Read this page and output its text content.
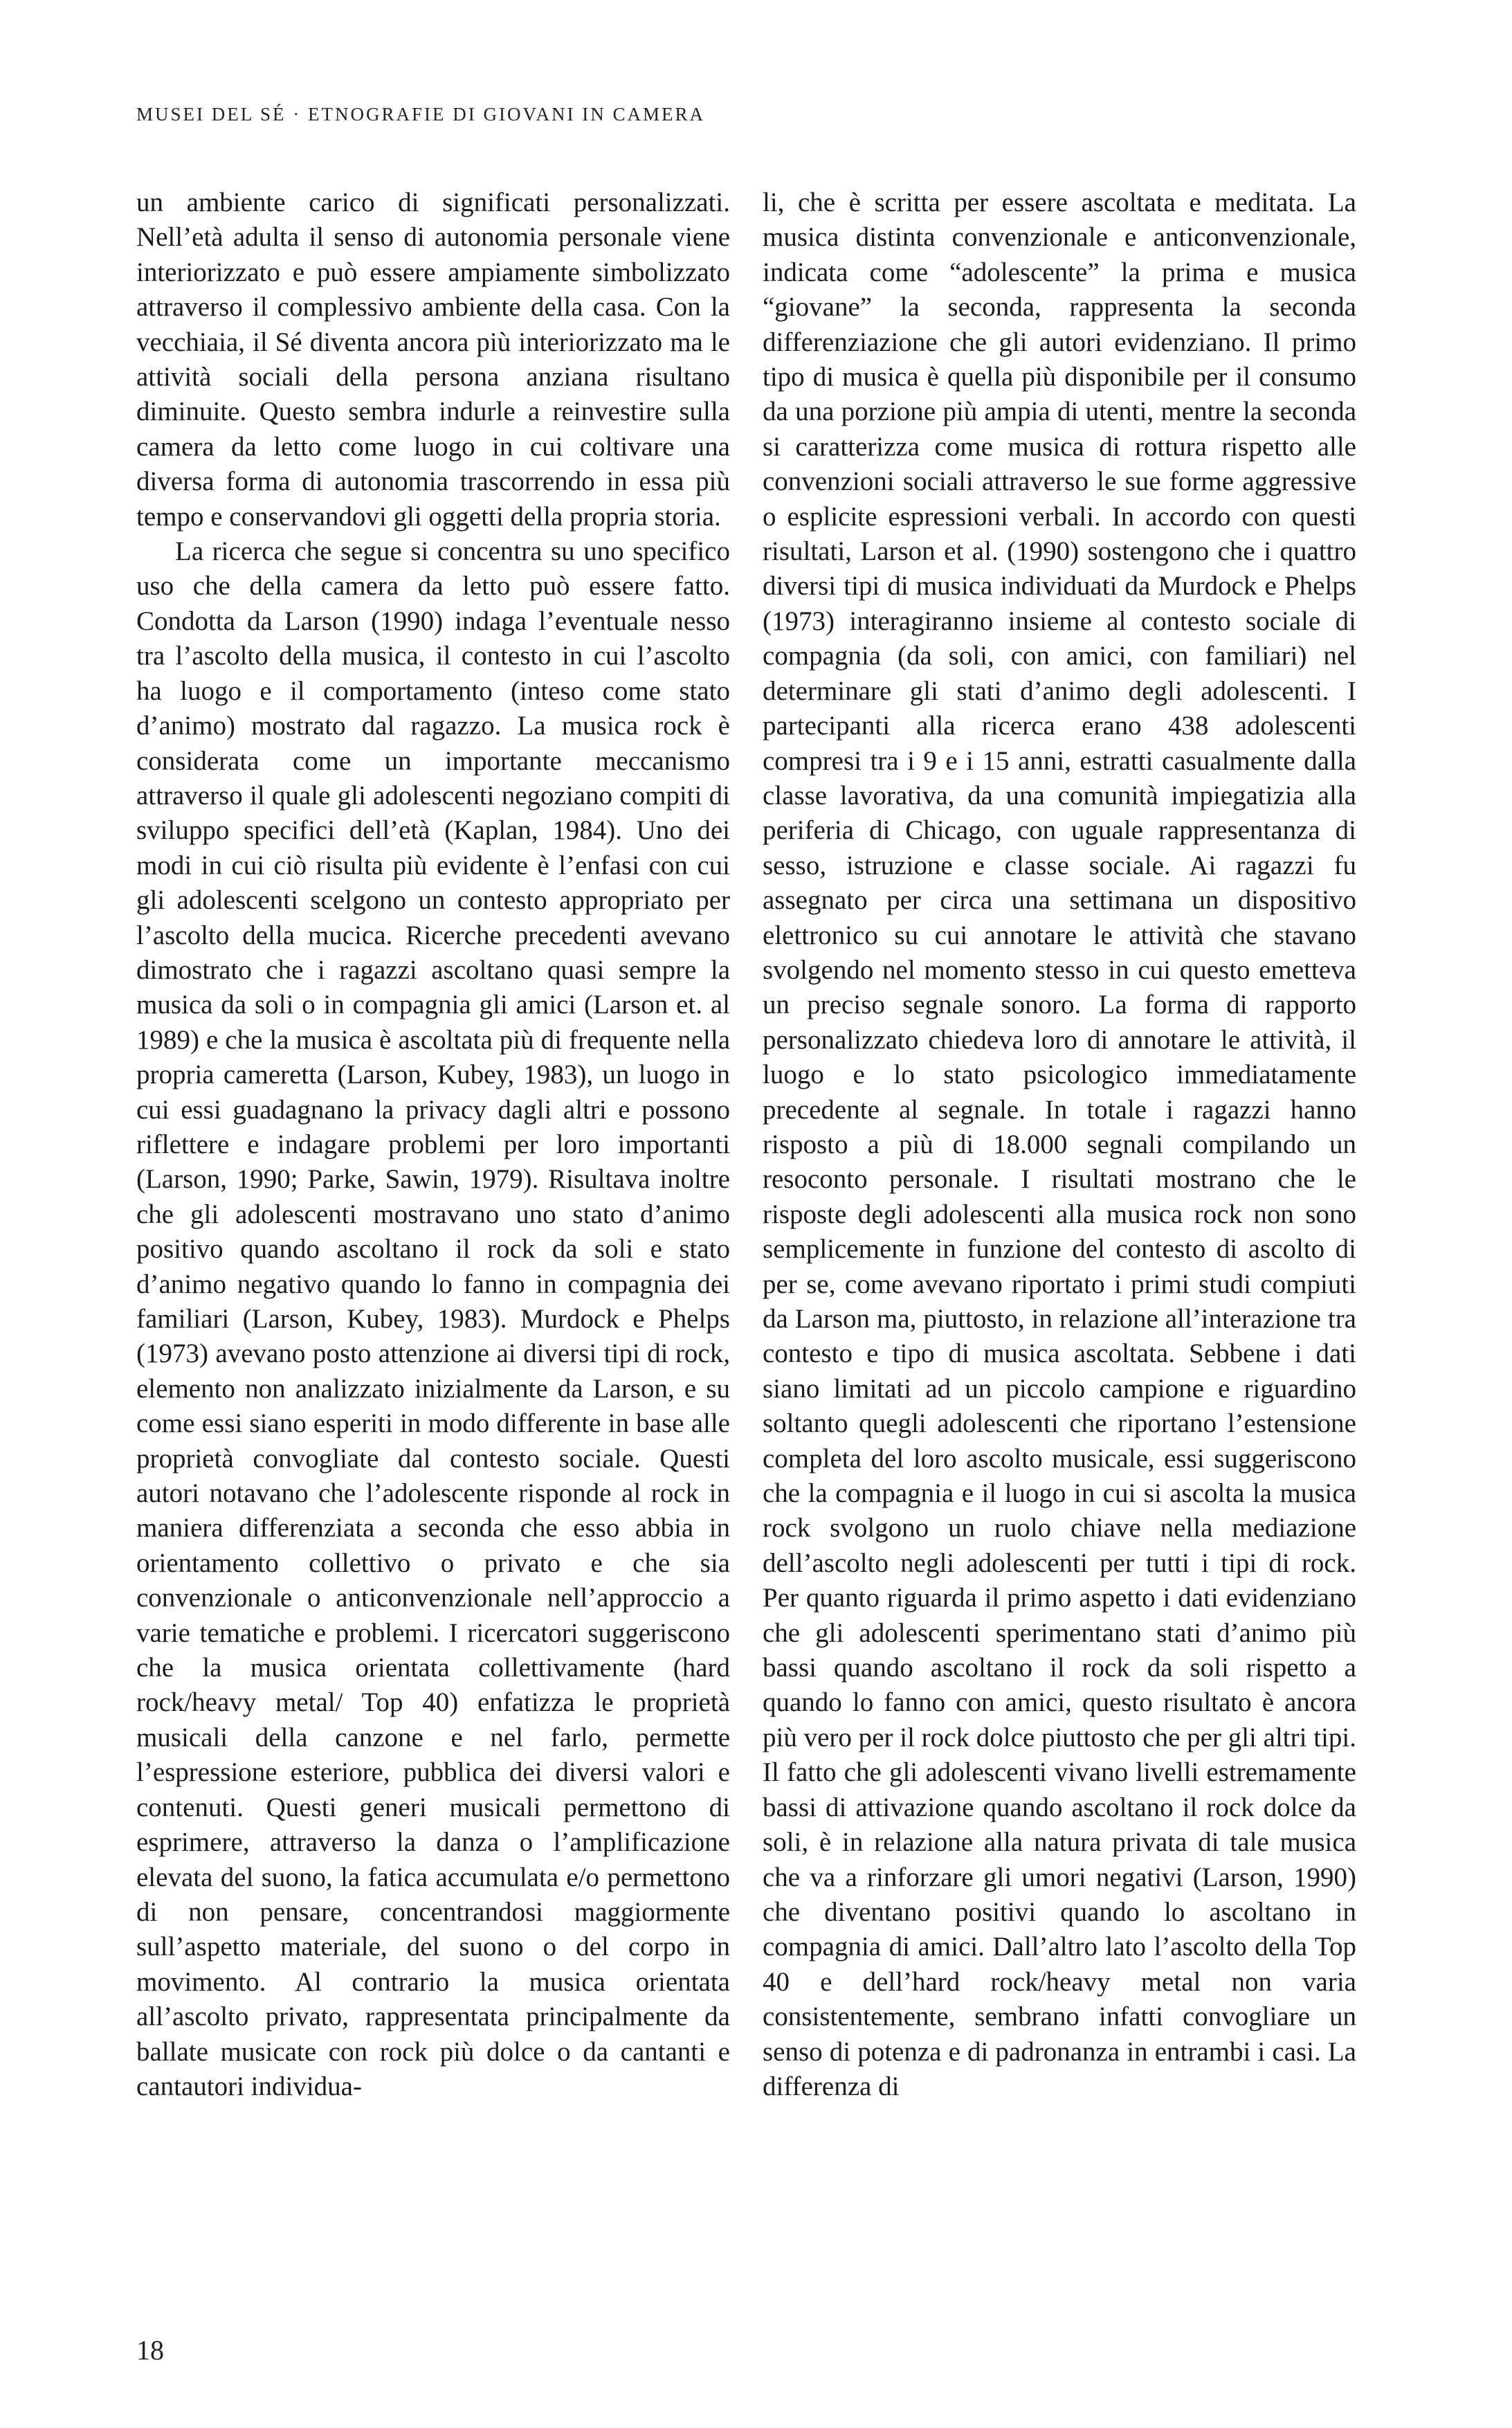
MUSEI DEL SÉ · ETNOGRAFIE DI GIOVANI IN CAMERA

un ambiente carico di significati personalizzati. Nell’età adulta il senso di autonomia personale viene interiorizzato e può essere ampiamente simbolizzato attraverso il complessivo ambiente della casa. Con la vecchiaia, il Sé diventa ancora più interiorizzato ma le attività sociali della persona anziana risultano diminuite. Questo sembra indurle a reinvestire sulla camera da letto come luogo in cui coltivare una diversa forma di autonomia trascorrendo in essa più tempo e conservandovi gli oggetti della propria storia.

La ricerca che segue si concentra su uno specifico uso che della camera da letto può essere fatto. Condotta da Larson (1990) indaga l’eventuale nesso tra l’ascolto della musica, il contesto in cui l’ascolto ha luogo e il comportamento (inteso come stato d’animo) mostrato dal ragazzo. La musica rock è considerata come un importante meccanismo attraverso il quale gli adolescenti negoziano compiti di sviluppo specifici dell’età (Kaplan, 1984). Uno dei modi in cui ciò risulta più evidente è l’enfasi con cui gli adolescenti scelgono un contesto appropriato per l’ascolto della mucica. Ricerche precedenti avevano dimostrato che i ragazzi ascoltano quasi sempre la musica da soli o in compagnia gli amici (Larson et. al 1989) e che la musica è ascoltata più di frequente nella propria cameretta (Larson, Kubey, 1983), un luogo in cui essi guadagnano la privacy dagli altri e possono riflettere e indagare problemi per loro importanti (Larson, 1990; Parke, Sawin, 1979). Risultava inoltre che gli adolescenti mostravano uno stato d’animo positivo quando ascoltano il rock da soli e stato d’animo negativo quando lo fanno in compagnia dei familiari (Larson, Kubey, 1983). Murdock e Phelps (1973) avevano posto attenzione ai diversi tipi di rock, elemento non analizzato inizialmente da Larson, e su come essi siano esperiti in modo differente in base alle proprietà convogliate dal contesto sociale. Questi autori notavano che l’adolescente risponde al rock in maniera differenziata a seconda che esso abbia in orientamento collettivo o privato e che sia convenzionale o anticonvenzionale nell’approccio a varie tematiche e problemi. I ricercatori suggeriscono che la musica orientata collettivamente (hard rock/heavy metal/ Top 40) enfatizza le proprietà musicali della canzone e nel farlo, permette l’espressione esteriore, pubblica dei diversi valori e contenuti. Questi generi musicali permettono di esprimere, attraverso la danza o l’amplificazione elevata del suono, la fatica accumulata e/o permettono di non pensare, concentrandosi maggiormente sull’aspetto materiale, del suono o del corpo in movimento. Al contrario la musica orientata all’ascolto privato, rappresentata principalmente da ballate musicate con rock più dolce o da cantanti e cantautori individua-

li, che è scritta per essere ascoltata e meditata. La musica distinta convenzionale e anticonvenzionale, indicata come “adolescente” la prima e musica “giovane” la seconda, rappresenta la seconda differenziazione che gli autori evidenziano. Il primo tipo di musica è quella più disponibile per il consumo da una porzione più ampia di utenti, mentre la seconda si caratterizza come musica di rottura rispetto alle convenzioni sociali attraverso le sue forme aggressive o esplicite espressioni verbali. In accordo con questi risultati, Larson et al. (1990) sostengono che i quattro diversi tipi di musica individuati da Murdock e Phelps (1973) interagiranno insieme al contesto sociale di compagnia (da soli, con amici, con familiari) nel determinare gli stati d’animo degli adolescenti. I partecipanti alla ricerca erano 438 adolescenti compresi tra i 9 e i 15 anni, estratti casualmente dalla classe lavorativa, da una comunità impiegatizia alla periferia di Chicago, con uguale rappresentanza di sesso, istruzione e classe sociale. Ai ragazzi fu assegnato per circa una settimana un dispositivo elettronico su cui annotare le attività che stavano svolgendo nel momento stesso in cui questo emetteva un preciso segnale sonoro. La forma di rapporto personalizzato chiedeva loro di annotare le attività, il luogo e lo stato psicologico immediatamente precedente al segnale. In totale i ragazzi hanno risposto a più di 18.000 segnali compilando un resoconto personale. I risultati mostrano che le risposte degli adolescenti alla musica rock non sono semplicemente in funzione del contesto di ascolto di per se, come avevano riportato i primi studi compiuti da Larson ma, piuttosto, in relazione all’interazione tra contesto e tipo di musica ascoltata. Sebbene i dati siano limitati ad un piccolo campione e riguardino soltanto quegli adolescenti che riportano l’estensione completa del loro ascolto musicale, essi suggeriscono che la compagnia e il luogo in cui si ascolta la musica rock svolgono un ruolo chiave nella mediazione dell’ascolto negli adolescenti per tutti i tipi di rock. Per quanto riguarda il primo aspetto i dati evidenziano che gli adolescenti sperimentano stati d’animo più bassi quando ascoltano il rock da soli rispetto a quando lo fanno con amici, questo risultato è ancora più vero per il rock dolce piuttosto che per gli altri tipi. Il fatto che gli adolescenti vivano livelli estremamente bassi di attivazione quando ascoltano il rock dolce da soli, è in relazione alla natura privata di tale musica che va a rinforzare gli umori negativi (Larson, 1990) che diventano positivi quando lo ascoltano in compagnia di amici. Dall’altro lato l’ascolto della Top 40 e dell’hard rock/heavy metal non varia consistentemente, sembrano infatti convogliare un senso di potenza e di padronanza in entrambi i casi. La differenza di

18
